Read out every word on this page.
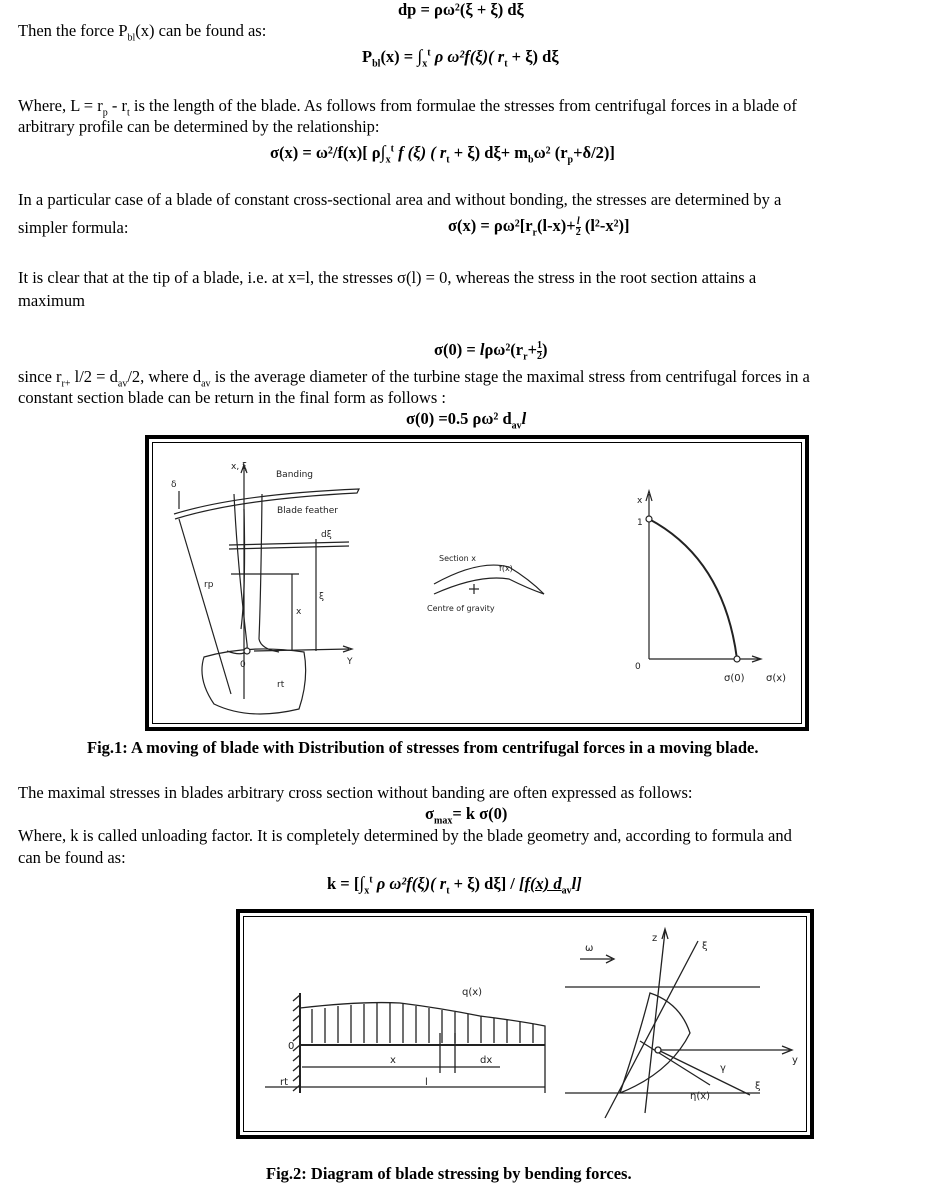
dp = ρω²(ξ + ξ) dξ
Then the force $P_{bl}(x)$ can be found as:
$P_{bl}(x) = \int_x^t$ ρ ω²f(ξ)( $r_t + \xi$) dξ
Where, $L = r_p - r_t$ is the length of the blade. As follows from formulae the stresses from centrifugal forces in a blade of
arbitrary profile can be determined by the relationship:
σ(x) = ω²/f(x)[ $\rho\int_x^t$ f (ξ) ( $r_t + \xi$) $d\xi+ m_b\omega^2$ $(r_p+\delta/2)$]
In a particular case of a blade of constant cross-sectional area and without bonding, the stresses are determined by a
simpler formula:	$\sigma(x) = \rho\omega^2[r_r(l-x)+ \frac{l}{2} (l^2-x^2)]$
It is clear that at the tip of a blade, i.e. at x=l, the stresses σ(l) = 0, whereas the stress in the root section attains a
maximum
$\sigma(0) = l\rho\omega^2(r_r+ \frac{1}{2}$ )
since $r_{r+}$ $l/2 = d_{av}/2$, where $d_{av}$ is the average diameter of the turbine stage the maximal stress from centrifugal forces in a
constant section blade can be return in the final form as follows :
σ(0) =0.5 ρω² $d_{av}l$
x, ξ
Banding
δ
Blade feather
dξ
rp
x
ξ
Y
0
rt
Section x
f(x)
Centre of gravity
x
1
0
σ(0) σ(x)
Fig.1: A moving of blade with Distribution of stresses from centrifugal forces in a moving blade.
The maximal stresses in blades arbitrary cross section without banding are often expressed as follows:
$\sigma_{max}= k$ σ(0)
Where, k is called unloading factor. It is completely determined by the blade geometry and, according to formula and
can be found as:
$k = [\int_x^t$ ρ ω²f(ξ)( $r_t + \xi$) dξ] / [f(x) $d_{av}l$]
q(x)
0
x	dx
l
rt
z
ξ
ω
y
γ
ξ
η(x)
Fig.2: Diagram of blade stressing by bending forces.
